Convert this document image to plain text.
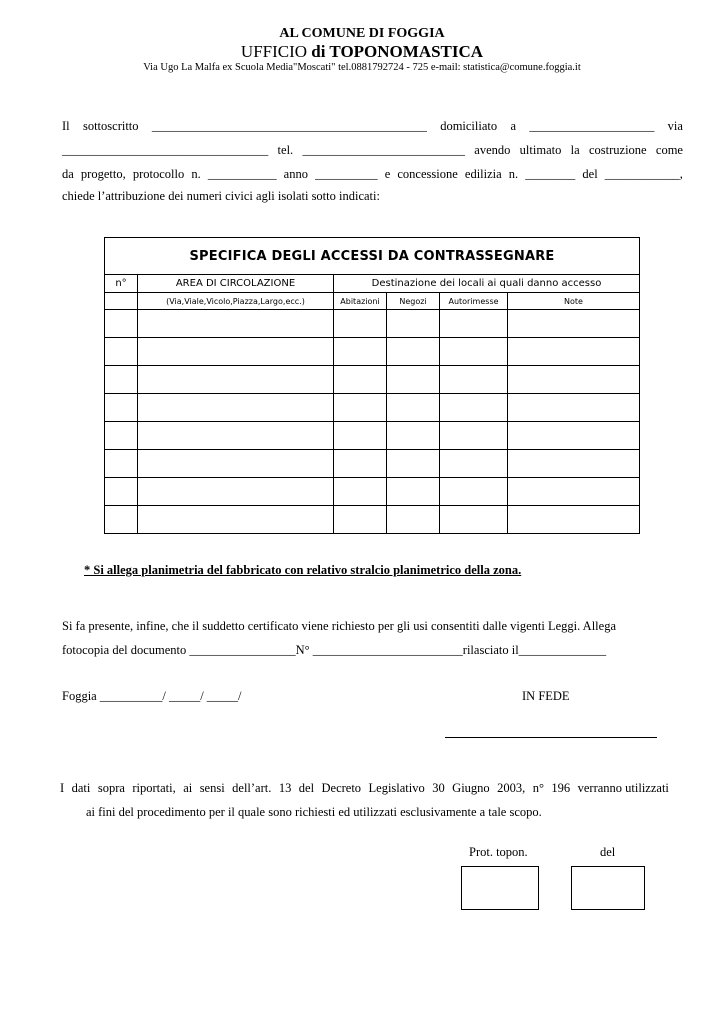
AL COMUNE DI FOGGIA
UFFICIO di TOPONOMASTICA
Via Ugo La Malfa ex Scuola Media"Moscati" tel.0881792724 - 725 e-mail: statistica@comune.foggia.it
Il sottoscritto ____________________________________________ domiciliato a ____________________ via
_________________________________ tel. __________________________ avendo ultimato la costruzione come
da progetto, protocollo n. ___________ anno __________ e concessione edilizia n. ________ del ____________,
chiede l’attribuzione dei numeri civici agli isolati sotto indicati:
SPECIFICA DEGLI ACCESSI DA CONTRASSEGNARE					
n°	AREA DI CIRCOLAZIONE	Destinazione dei locali ai quali danno accesso			
	(Via,Viale,Vicolo,Piazza,Largo,ecc.)	Abitazioni	Negozi	Autorimesse	Note

* Si allega planimetria del fabbricato con relativo stralcio planimetrico della zona.
Si fa presente, infine, che il suddetto certificato viene richiesto per gli usi consentiti dalle vigenti Leggi. Allega
fotocopia del documento _________________N° ________________________rilasciato il______________
Foggia __________/ _____/ _____/	IN FEDE
I dati sopra riportati, ai sensi dell’art. 13 del Decreto Legislativo 30 Giugno 2003, n° 196 verranno utilizzati
ai fini del procedimento per il quale sono richiesti ed utilizzati esclusivamente a tale scopo.
Prot. topon.	del
